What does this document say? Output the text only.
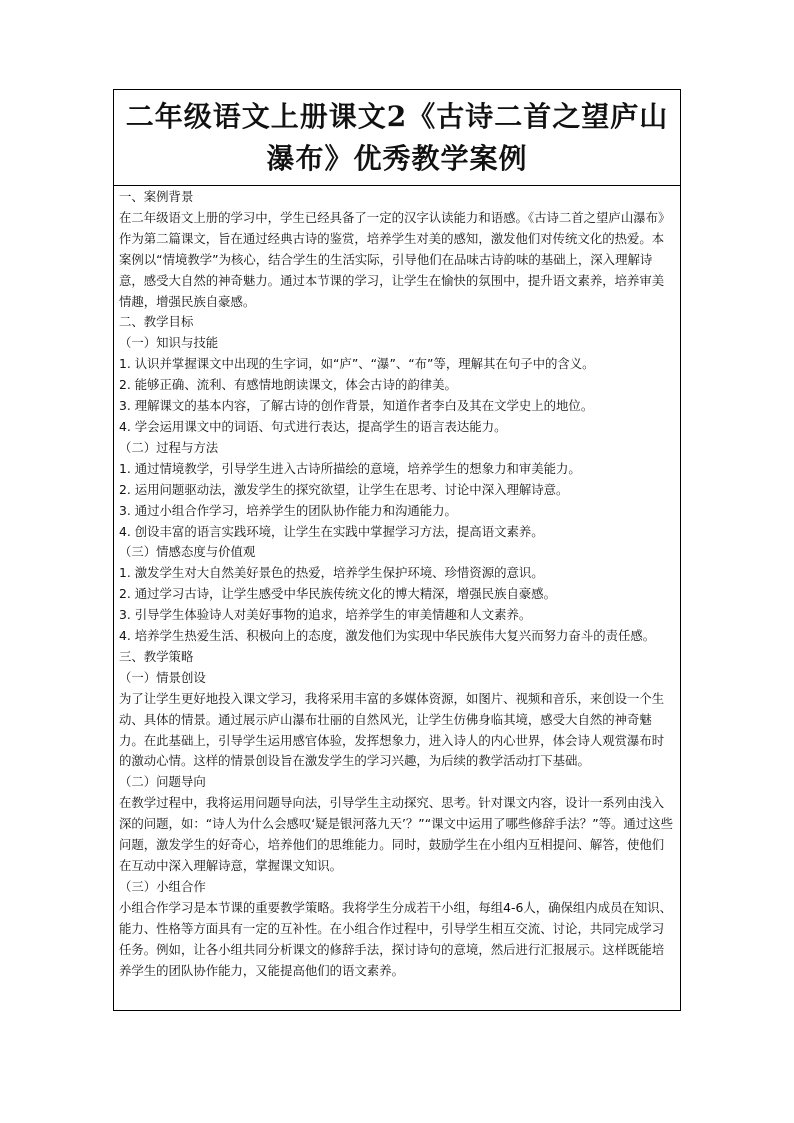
二年级语文上册课文2《古诗二首之望庐山瀑布》优秀教学案例

一、案例背景

在二年级语文上册的学习中，学生已经具备了一定的汉字认读能力和语感。《古诗二首之望庐山瀑布》作为第二篇课文，旨在通过经典古诗的鉴赏，培养学生对美的感知，激发他们对传统文化的热爱。本案例以“情境教学”为核心，结合学生的生活实际，引导他们在品味古诗韵味的基础上，深入理解诗意，感受大自然的神奇魅力。通过本节课的学习，让学生在愉快的氛围中，提升语文素养，培养审美情趣，增强民族自豪感。

二、教学目标

（一）知识与技能

1. 认识并掌握课文中出现的生字词，如“庐”、“瀑”、“布”等，理解其在句子中的含义。

2. 能够正确、流利、有感情地朗读课文，体会古诗的韵律美。

3. 理解课文的基本内容，了解古诗的创作背景，知道作者李白及其在文学史上的地位。

4. 学会运用课文中的词语、句式进行表达，提高学生的语言表达能力。

（二）过程与方法

1. 通过情境教学，引导学生进入古诗所描绘的意境，培养学生的想象力和审美能力。

2. 运用问题驱动法，激发学生的探究欲望，让学生在思考、讨论中深入理解诗意。

3. 通过小组合作学习，培养学生的团队协作能力和沟通能力。

4. 创设丰富的语言实践环境，让学生在实践中掌握学习方法，提高语文素养。

（三）情感态度与价值观

1. 激发学生对大自然美好景色的热爱，培养学生保护环境、珍惜资源的意识。

2. 通过学习古诗，让学生感受中华民族传统文化的博大精深，增强民族自豪感。

3. 引导学生体验诗人对美好事物的追求，培养学生的审美情趣和人文素养。

4. 培养学生热爱生活、积极向上的态度，激发他们为实现中华民族伟大复兴而努力奋斗的责任感。

三、教学策略

（一）情景创设

为了让学生更好地投入课文学习，我将采用丰富的多媒体资源，如图片、视频和音乐，来创设一个生动、具体的情景。通过展示庐山瀑布壮丽的自然风光，让学生仿佛身临其境，感受大自然的神奇魅力。在此基础上，引导学生运用感官体验，发挥想象力，进入诗人的内心世界，体会诗人观赏瀑布时的激动心情。这样的情景创设旨在激发学生的学习兴趣，为后续的教学活动打下基础。

（二）问题导向

在教学过程中，我将运用问题导向法，引导学生主动探究、思考。针对课文内容，设计一系列由浅入深的问题，如：“诗人为什么会感叹‘疑是银河落九天’？”“课文中运用了哪些修辞手法？”等。通过这些问题，激发学生的好奇心，培养他们的思维能力。同时，鼓励学生在小组内互相提问、解答，使他们在互动中深入理解诗意，掌握课文知识。

（三）小组合作

小组合作学习是本节课的重要教学策略。我将学生分成若干小组，每组4-6人，确保组内成员在知识、能力、性格等方面具有一定的互补性。在小组合作过程中，引导学生相互交流、讨论，共同完成学习任务。例如，让各小组共同分析课文的修辞手法，探讨诗句的意境，然后进行汇报展示。这样既能培养学生的团队协作能力，又能提高他们的语文素养。
